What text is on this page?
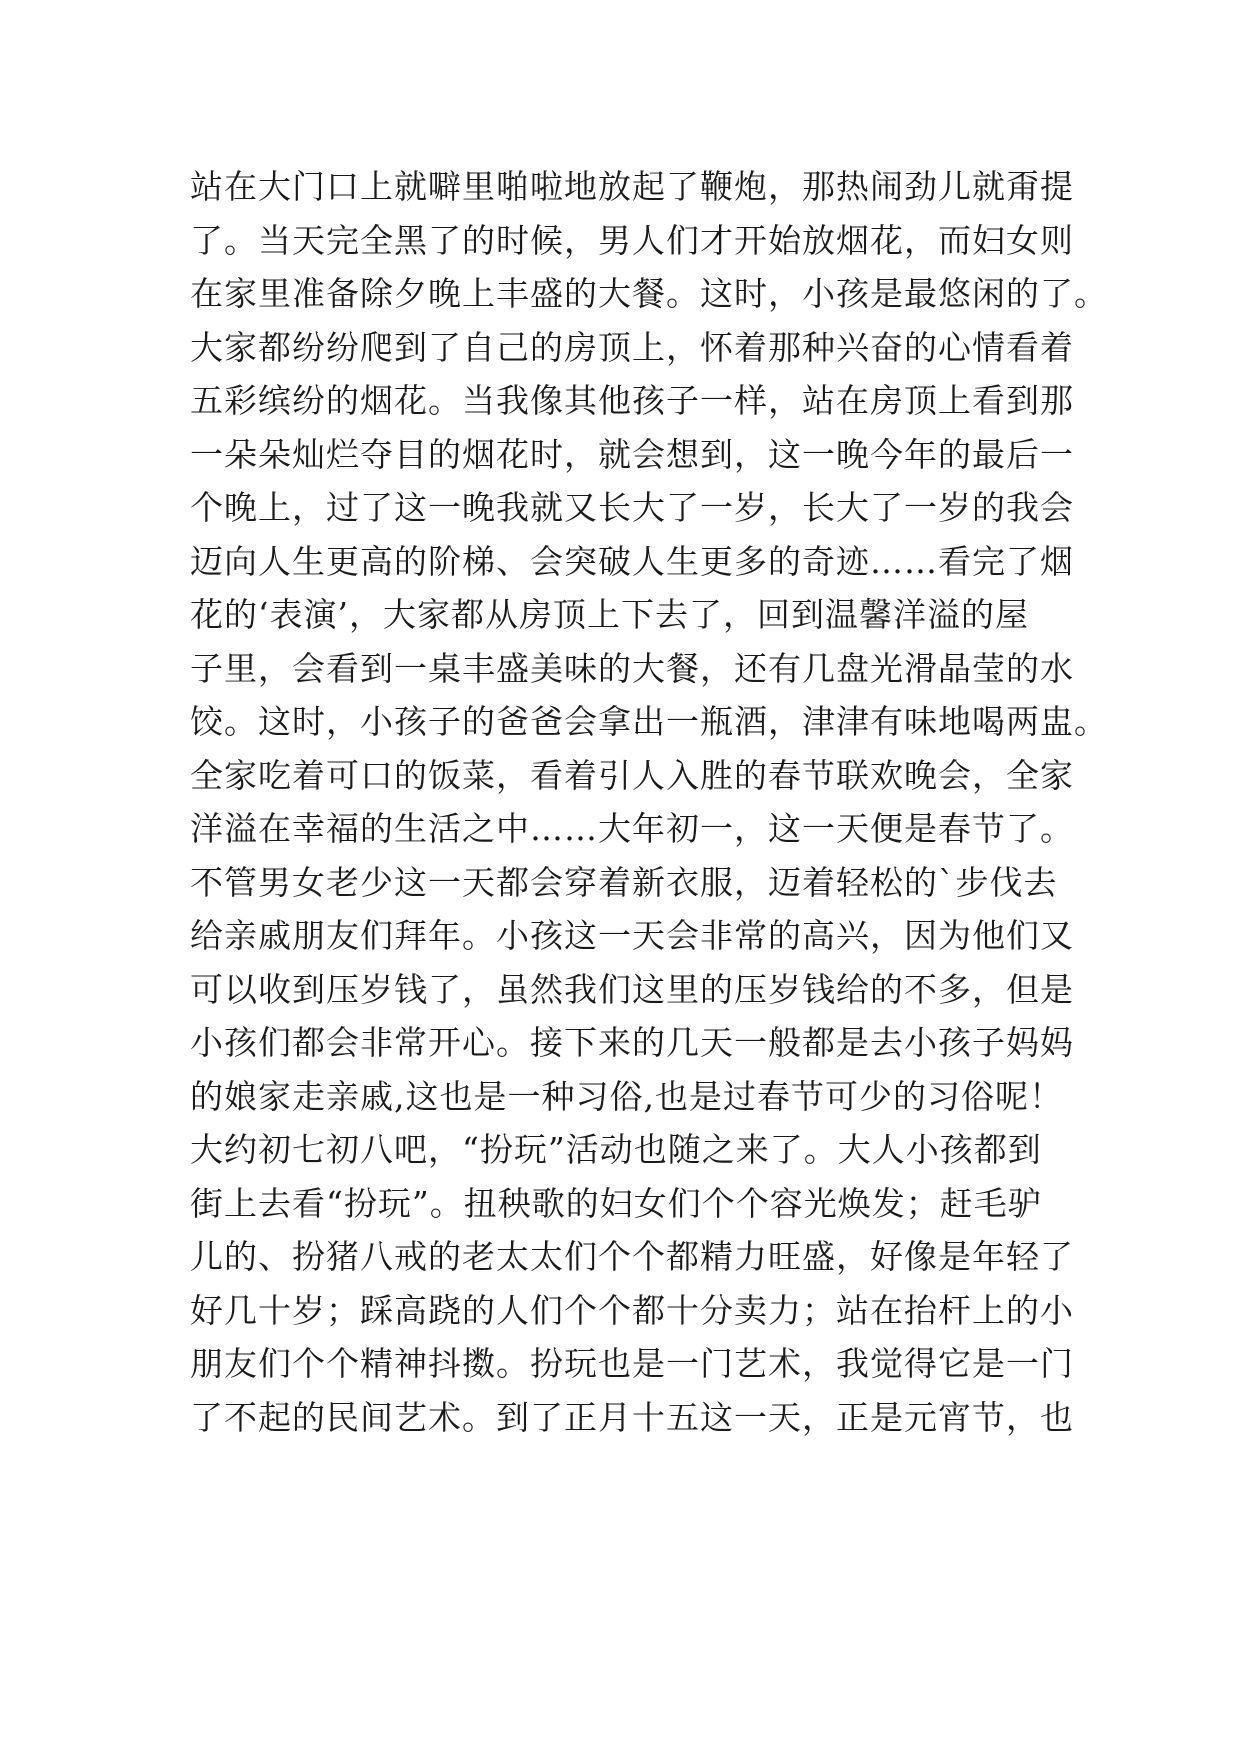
站在大门口上就噼里啪啦地放起了鞭炮，那热闹劲儿就甭提
了。当天完全黑了的时候，男人们才开始放烟花，而妇女则
在家里准备除夕晚上丰盛的大餐。这时，小孩是最悠闲的了。
大家都纷纷爬到了自己的房顶上，怀着那种兴奋的心情看着
五彩缤纷的烟花。当我像其他孩子一样，站在房顶上看到那
一朵朵灿烂夺目的烟花时，就会想到，这一晚今年的最后一
个晚上，过了这一晚我就又长大了一岁，长大了一岁的我会
迈向人生更高的阶梯、会突破人生更多的奇迹……看完了烟
花的‘表演’，大家都从房顶上下去了，回到温馨洋溢的屋
子里，会看到一桌丰盛美味的大餐，还有几盘光滑晶莹的水
饺。这时，小孩子的爸爸会拿出一瓶酒，津津有味地喝两盅。
全家吃着可口的饭菜，看着引人入胜的春节联欢晚会，全家
洋溢在幸福的生活之中……大年初一，这一天便是春节了。
不管男女老少这一天都会穿着新衣服，迈着轻松的`步伐去
给亲戚朋友们拜年。小孩这一天会非常的高兴，因为他们又
可以收到压岁钱了，虽然我们这里的压岁钱给的不多，但是
小孩们都会非常开心。接下来的几天一般都是去小孩子妈妈
的娘家走亲戚,这也是一种习俗,也是过春节可少的习俗呢！
大约初七初八吧，“扮玩”活动也随之来了。大人小孩都到
街上去看“扮玩”。扭秧歌的妇女们个个容光焕发；赶毛驴
儿的、扮猪八戒的老太太们个个都精力旺盛，好像是年轻了
好几十岁；踩高跷的人们个个都十分卖力；站在抬杆上的小
朋友们个个精神抖擞。扮玩也是一门艺术，我觉得它是一门
了不起的民间艺术。到了正月十五这一天，正是元宵节，也
